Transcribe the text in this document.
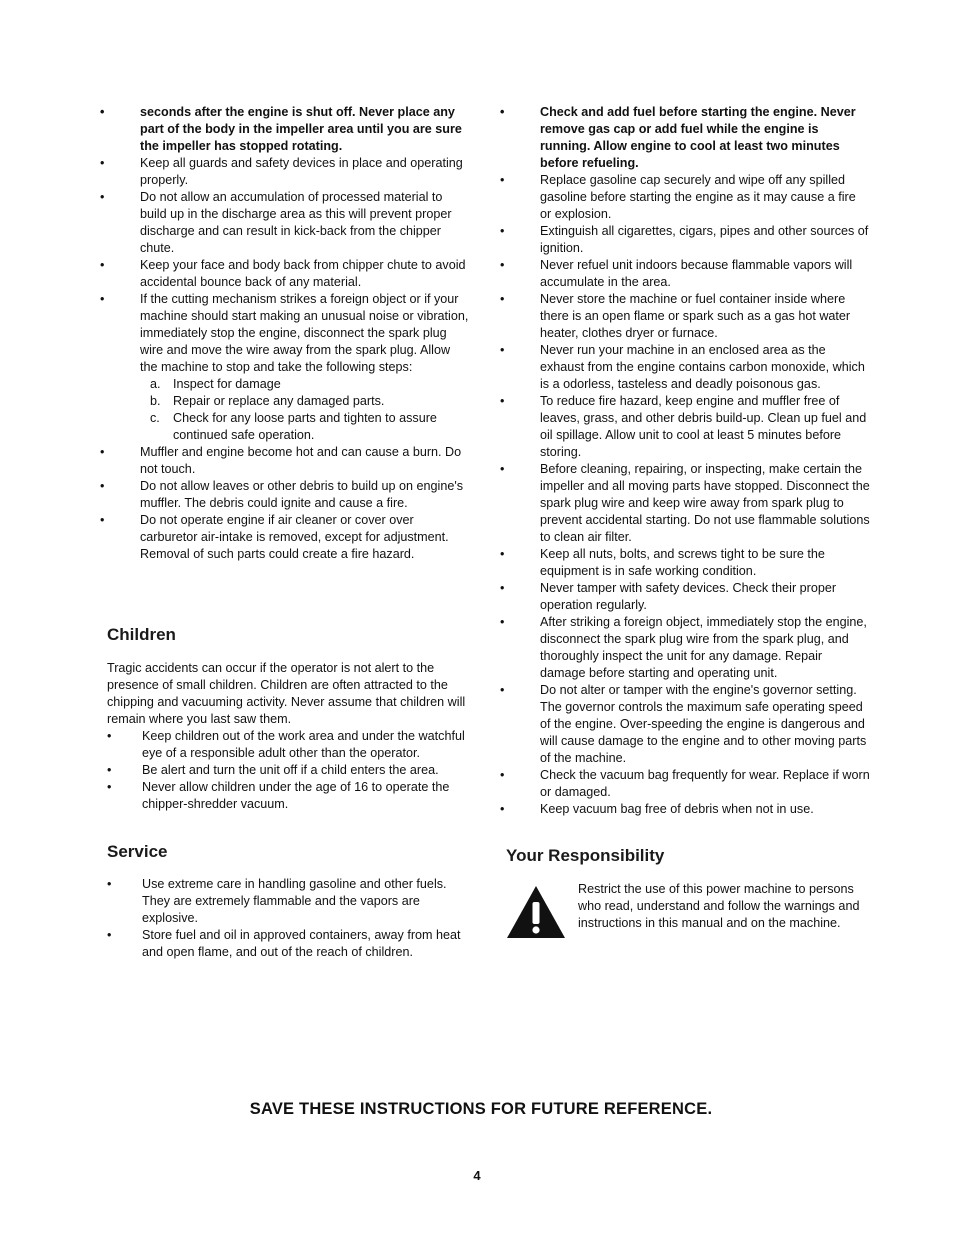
• seconds after the engine is shut off. Never place any part of the body in the impeller area until you are sure the impeller has stopped rotating.
• Keep all guards and safety devices in place and operating properly.
• Do not allow an accumulation of processed material to build up in the discharge area as this will prevent proper discharge and can result in kick-back from the chipper chute.
• Keep your face and body back from chipper chute to avoid accidental bounce back of any material.
• If the cutting mechanism strikes a foreign object or if your machine should start making an unusual noise or vibration, immediately stop the engine, disconnect the spark plug wire and move the wire away from the spark plug. Allow the machine to stop and take the following steps:
a. Inspect for damage
b. Repair or replace any damaged parts.
c. Check for any loose parts and tighten to assure continued safe operation.
• Muffler and engine become hot and can cause a burn. Do not touch.
• Do not allow leaves or other debris to build up on engine's muffler. The debris could ignite and cause a fire.
• Do not operate engine if air cleaner or cover over carburetor air-intake is removed, except for adjustment. Removal of such parts could create a fire hazard.
Children
Tragic accidents can occur if the operator is not alert to the presence of small children. Children are often attracted to the chipping and vacuuming activity. Never assume that children will remain where you last saw them.
• Keep children out of the work area and under the watchful eye of a responsible adult other than the operator.
• Be alert and turn the unit off if a child enters the area.
• Never allow children under the age of 16 to operate the chipper-shredder vacuum.
Service
• Use extreme care in handling gasoline and other fuels. They are extremely flammable and the vapors are explosive.
• Store fuel and oil in approved containers, away from heat and open flame, and out of the reach of children.
• Check and add fuel before starting the engine. Never remove gas cap or add fuel while the engine is running. Allow engine to cool at least two minutes before refueling.
• Replace gasoline cap securely and wipe off any spilled gasoline before starting the engine as it may cause a fire or explosion.
• Extinguish all cigarettes, cigars, pipes and other sources of ignition.
• Never refuel unit indoors because flammable vapors will accumulate in the area.
• Never store the machine or fuel container inside where there is an open flame or spark such as a gas hot water heater, clothes dryer or furnace.
• Never run your machine in an enclosed area as the exhaust from the engine contains carbon monoxide, which is a odorless, tasteless and deadly poisonous gas.
• To reduce fire hazard, keep engine and muffler free of leaves, grass, and other debris build-up. Clean up fuel and oil spillage. Allow unit to cool at least 5 minutes before storing.
• Before cleaning, repairing, or inspecting, make certain the impeller and all moving parts have stopped. Disconnect the spark plug wire and keep wire away from spark plug to prevent accidental starting. Do not use flammable solutions to clean air filter.
• Keep all nuts, bolts, and screws tight to be sure the equipment is in safe working condition.
• Never tamper with safety devices. Check their proper operation regularly.
• After striking a foreign object, immediately stop the engine, disconnect the spark plug wire from the spark plug, and thoroughly inspect the unit for any damage. Repair damage before starting and operating unit.
• Do not alter or tamper with the engine's governor setting. The governor controls the maximum safe operating speed of the engine. Over-speeding the engine is dangerous and will cause damage to the engine and to other moving parts of the machine.
• Check the vacuum bag frequently for wear. Replace if worn or damaged.
• Keep vacuum bag free of debris when not in use.
Your Responsibility
Restrict the use of this power machine to persons who read, understand and follow the warnings and instructions in this manual and on the machine.
SAVE THESE INSTRUCTIONS FOR FUTURE REFERENCE.
4
